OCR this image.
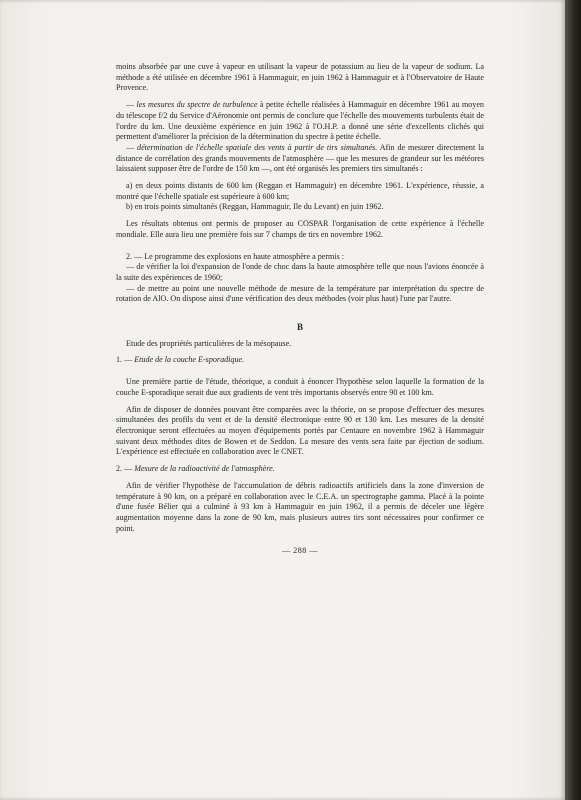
moins absorbée par une cuve à vapeur en utilisant la vapeur de potassium au lieu de la vapeur de sodium. La méthode a été utilisée en décembre 1961 à Hammaguir, en juin 1962 à Hammaguir et à l'Observatoire de Haute Provence.

— les mesures du spectre de turbulence à petite échelle réalisées à Hammaguir en décembre 1961 au moyen du télescope f/2 du Service d'Aéronomie ont permis de conclure que l'échelle des mouvements turbulents était de l'ordre du km. Une deuxième expérience en juin 1962 à l'O.H.P. a donné une série d'excellents clichés qui permettent d'améliorer la précision de la détermination du spectre à petite échelle.

— détermination de l'échelle spatiale des vents à partir de tirs simultanés. Afin de mesurer directement la distance de corrélation des grands mouvements de l'atmosphère — que les mesures de grandeur sur les météores laissaient supposer être de l'ordre de 150 km —, ont été organisés les premiers tirs simultanés :

a) en deux points distants de 600 km (Reggan et Hammaguir) en décembre 1961. L'expérience, réussie, a montré que l'échelle spatiale est supérieure à 600 km;

b) en trois points simultanés (Reggan, Hammaguir, Ile du Levant) en juin 1962.

Les résultats obtenus ont permis de proposer au COSPAR l'organisation de cette expérience à l'échelle mondiale. Elle aura lieu une première fois sur 7 champs de tirs en novembre 1962.

2. — Le programme des explosions en haute atmosphère a permis :

— de vérifier la loi d'expansion de l'onde de choc dans la haute atmosphère telle que nous l'avions énoncée à la suite des expériences de 1960;

— de mettre au point une nouvelle méthode de mesure de la température par interprétation du spectre de rotation de AlO. On dispose ainsi d'une vérification des deux méthodes (voir plus haut) l'une par l'autre.

B

Etude des propriétés particulières de la mésopause.

1. — Etude de la couche E-sporadique.

Une première partie de l'étude, théorique, a conduit à énoncer l'hypothèse selon laquelle la formation de la couche E-sporadique serait due aux gradients de vent très importants observés entre 90 et 100 km.

Afin de disposer de données pouvant être comparées avec la théorie, on se propose d'effectuer des mesures simultanées des profils du vent et de la densité électronique entre 90 et 130 km. Les mesures de la densité électronique seront effectuées au moyen d'équipements portés par Centaure en novembre 1962 à Hammaguir suivant deux méthodes dites de Bowen et de Seddon. La mesure des vents sera faite par éjection de sodium. L'expérience est effectuée en collaboration avec le CNET.

2. — Mesure de la radioactivité de l'atmosphère.

Afin de vérifier l'hypothèse de l'accumulation de débris radioactifs artificiels dans la zone d'inversion de température à 90 km, on a préparé en collaboration avec le C.E.A. un spectrographe gamma. Placé à la pointe d'une fusée Bélier qui a culminé à 93 km à Hammaguir en juin 1962, il a permis de déceler une légère augmentation moyenne dans la zone de 90 km, mais plusieurs autres tirs sont nécessaires pour confirmer ce point.

— 288 —
